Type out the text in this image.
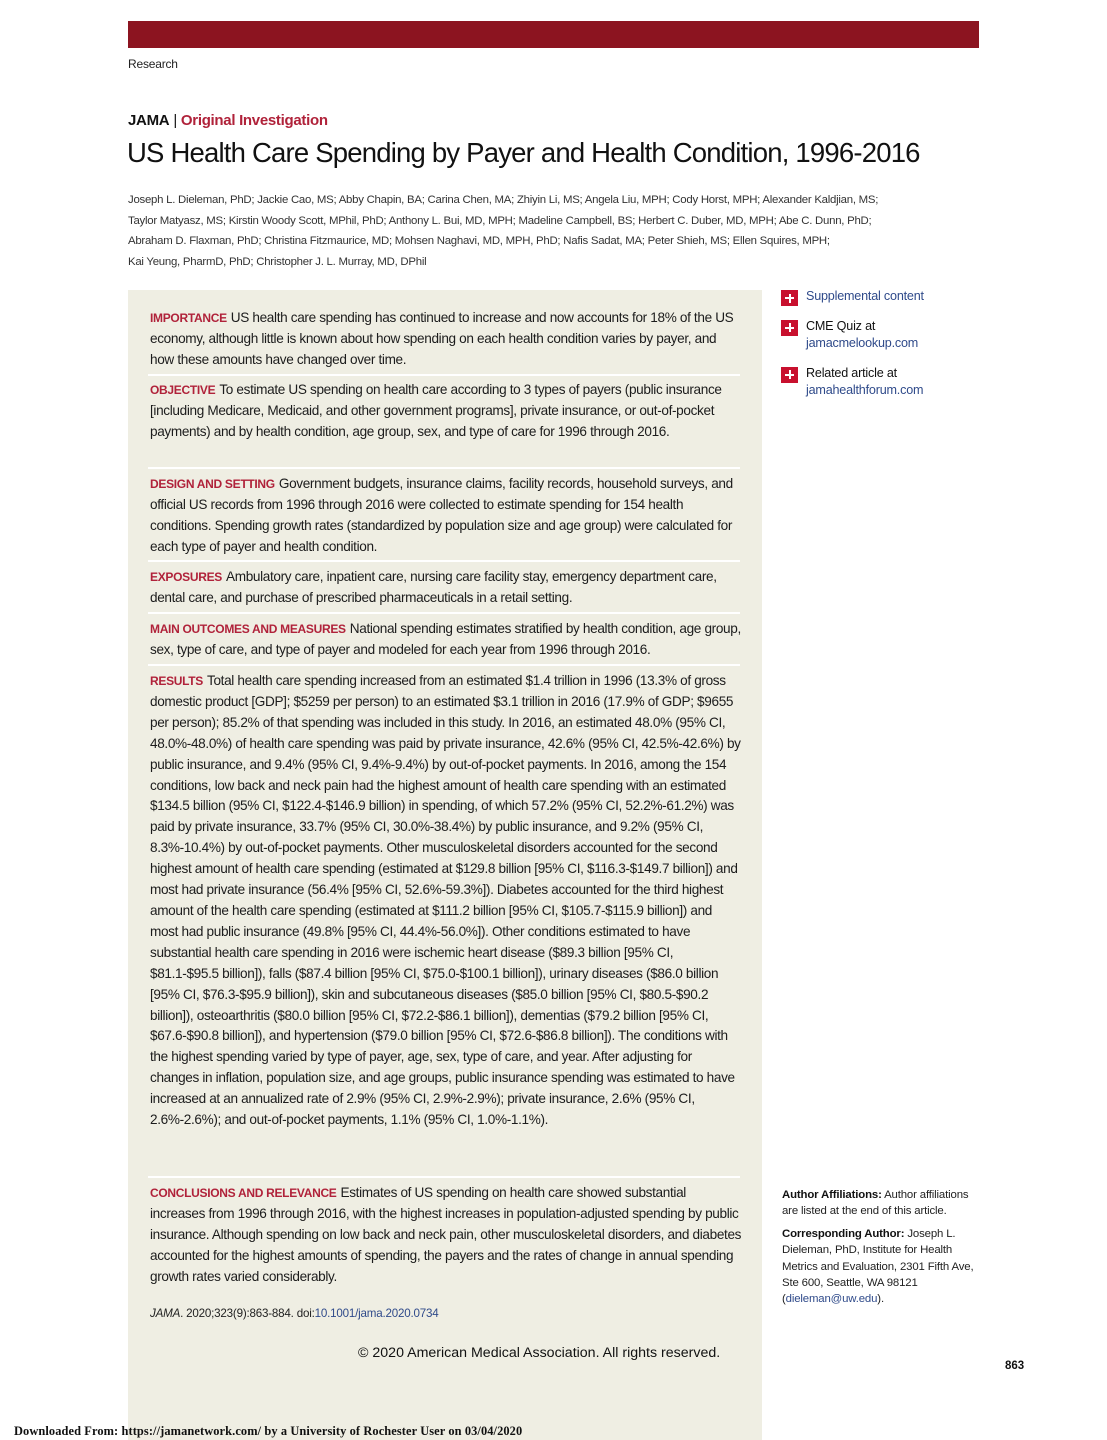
Research
JAMA | Original Investigation
US Health Care Spending by Payer and Health Condition, 1996-2016
Joseph L. Dieleman, PhD; Jackie Cao, MS; Abby Chapin, BA; Carina Chen, MA; Zhiyin Li, MS; Angela Liu, MPH; Cody Horst, MPH; Alexander Kaldjian, MS;
Taylor Matyasz, MS; Kirstin Woody Scott, MPhil, PhD; Anthony L. Bui, MD, MPH; Madeline Campbell, BS; Herbert C. Duber, MD, MPH; Abe C. Dunn, PhD;
Abraham D. Flaxman, PhD; Christina Fitzmaurice, MD; Mohsen Naghavi, MD, MPH, PhD; Nafis Sadat, MA; Peter Shieh, MS; Ellen Squires, MPH;
Kai Yeung, PharmD, PhD; Christopher J. L. Murray, MD, DPhil
IMPORTANCE US health care spending has continued to increase and now accounts for 18% of the US economy, although little is known about how spending on each health condition varies by payer, and how these amounts have changed over time.
OBJECTIVE To estimate US spending on health care according to 3 types of payers (public insurance [including Medicare, Medicaid, and other government programs], private insurance, or out-of-pocket payments) and by health condition, age group, sex, and type of care for 1996 through 2016.
DESIGN AND SETTING Government budgets, insurance claims, facility records, household surveys, and official US records from 1996 through 2016 were collected to estimate spending for 154 health conditions. Spending growth rates (standardized by population size and age group) were calculated for each type of payer and health condition.
EXPOSURES Ambulatory care, inpatient care, nursing care facility stay, emergency department care, dental care, and purchase of prescribed pharmaceuticals in a retail setting.
MAIN OUTCOMES AND MEASURES National spending estimates stratified by health condition, age group, sex, type of care, and type of payer and modeled for each year from 1996 through 2016.
RESULTS Total health care spending increased from an estimated $1.4 trillion in 1996 (13.3% of gross domestic product [GDP]; $5259 per person) to an estimated $3.1 trillion in 2016 (17.9% of GDP; $9655 per person); 85.2% of that spending was included in this study. In 2016, an estimated 48.0% (95% CI, 48.0%-48.0%) of health care spending was paid by private insurance, 42.6% (95% CI, 42.5%-42.6%) by public insurance, and 9.4% (95% CI, 9.4%-9.4%) by out-of-pocket payments. In 2016, among the 154 conditions, low back and neck pain had the highest amount of health care spending with an estimated $134.5 billion (95% CI, $122.4-$146.9 billion) in spending, of which 57.2% (95% CI, 52.2%-61.2%) was paid by private insurance, 33.7% (95% CI, 30.0%-38.4%) by public insurance, and 9.2% (95% CI, 8.3%-10.4%) by out-of-pocket payments. Other musculoskeletal disorders accounted for the second highest amount of health care spending (estimated at $129.8 billion [95% CI, $116.3-$149.7 billion]) and most had private insurance (56.4% [95% CI, 52.6%-59.3%]). Diabetes accounted for the third highest amount of the health care spending (estimated at $111.2 billion [95% CI, $105.7-$115.9 billion]) and most had public insurance (49.8% [95% CI, 44.4%-56.0%]). Other conditions estimated to have substantial health care spending in 2016 were ischemic heart disease ($89.3 billion [95% CI, $81.1-$95.5 billion]), falls ($87.4 billion [95% CI, $75.0-$100.1 billion]), urinary diseases ($86.0 billion [95% CI, $76.3-$95.9 billion]), skin and subcutaneous diseases ($85.0 billion [95% CI, $80.5-$90.2 billion]), osteoarthritis ($80.0 billion [95% CI, $72.2-$86.1 billion]), dementias ($79.2 billion [95% CI, $67.6-$90.8 billion]), and hypertension ($79.0 billion [95% CI, $72.6-$86.8 billion]). The conditions with the highest spending varied by type of payer, age, sex, type of care, and year. After adjusting for changes in inflation, population size, and age groups, public insurance spending was estimated to have increased at an annualized rate of 2.9% (95% CI, 2.9%-2.9%); private insurance, 2.6% (95% CI, 2.6%-2.6%); and out-of-pocket payments, 1.1% (95% CI, 1.0%-1.1%).
CONCLUSIONS AND RELEVANCE Estimates of US spending on health care showed substantial increases from 1996 through 2016, with the highest increases in population-adjusted spending by public insurance. Although spending on low back and neck pain, other musculoskeletal disorders, and diabetes accounted for the highest amounts of spending, the payers and the rates of change in annual spending growth rates varied considerably.
JAMA. 2020;323(9):863-884. doi:10.1001/jama.2020.0734
© 2020 American Medical Association. All rights reserved.
Supplemental content
CME Quiz at
jamacmelookup.com
Related article at
jamahealthforum.com

Author Affiliations: Author affiliations are listed at the end of this article.

Corresponding Author: Joseph L. Dieleman, PhD, Institute for Health Metrics and Evaluation, 2301 Fifth Ave, Ste 600, Seattle, WA 98121 (dieleman@uw.edu).

863
Downloaded From: https://jamanetwork.com/ by a University of Rochester User on 03/04/2020
